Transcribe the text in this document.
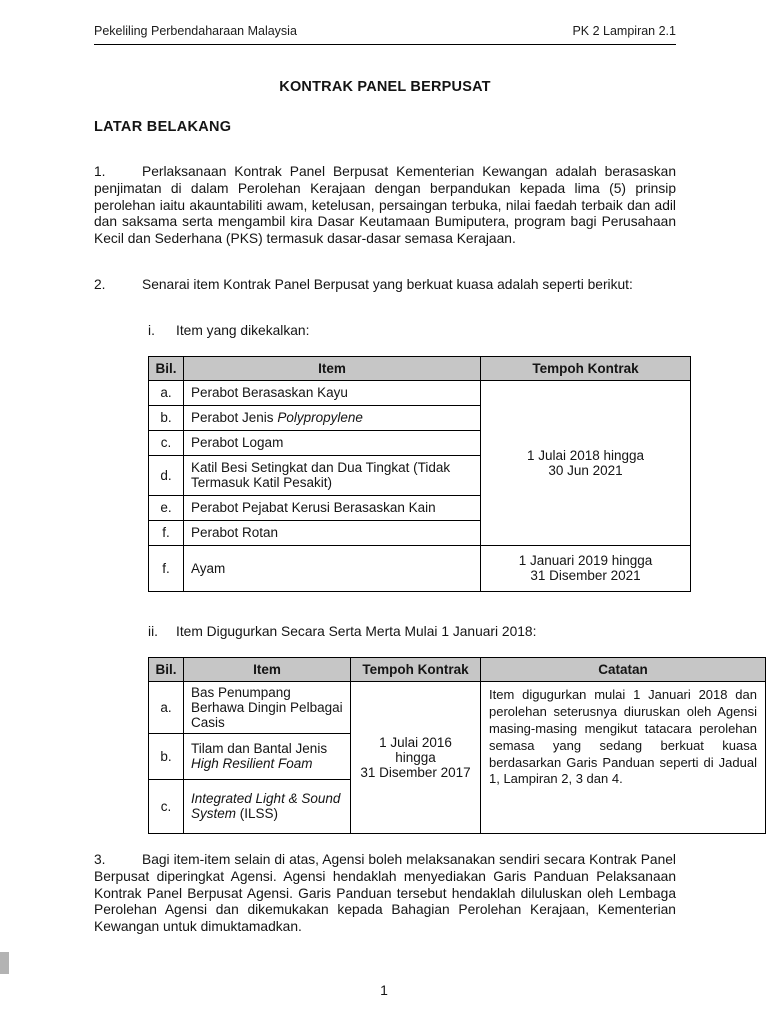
Pekeliling Perbendaharaan Malaysia	PK 2 Lampiran 2.1
KONTRAK PANEL BERPUSAT
LATAR BELAKANG

1.	Perlaksanaan Kontrak Panel Berpusat Kementerian Kewangan adalah berasaskan penjimatan di dalam Perolehan Kerajaan dengan berpandukan kepada lima (5) prinsip perolehan iaitu akauntabiliti awam, ketelusan, persaingan terbuka, nilai faedah terbaik dan adil dan saksama serta mengambil kira Dasar Keutamaan Bumiputera, program bagi Perusahaan Kecil dan Sederhana (PKS) termasuk dasar-dasar semasa Kerajaan.

2.	Senarai item Kontrak Panel Berpusat yang berkuat kuasa adalah seperti berikut:

i. Item yang dikekalkan:
Bil.	Item	Tempoh Kontrak
a.	Perabot Berasaskan Kayu	1 Julai 2018 hingga
30 Jun 2021
b.	Perabot Jenis Polypropylene	
c.	Perabot Logam	
d.	Katil Besi Setingkat dan Dua Tingkat (Tidak Termasuk Katil Pesakit)	
e.	Perabot Pejabat Kerusi Berasaskan Kain	
f.	Perabot Rotan	
f.	Ayam	1 Januari 2019 hingga
31 Disember 2021
ii. Item Digugurkan Secara Serta Merta Mulai 1 Januari 2018:
Bil.	Item	Tempoh Kontrak	Catatan
a.	Bas Penumpang Berhawa Dingin Pelbagai Casis	1 Julai 2016 hingga
31 Disember 2017	Item digugurkan mulai 1 Januari 2018 dan perolehan seterusnya diuruskan oleh Agensi masing-masing mengikut tatacara perolehan semasa yang sedang berkuat kuasa berdasarkan Garis Panduan seperti di Jadual 1, Lampiran 2, 3 dan 4.
b.	Tilam dan Bantal Jenis
High Resilient Foam		
c.	Integrated Light & Sound System (ILSS)		

3.	Bagi item-item selain di atas, Agensi boleh melaksanakan sendiri secara Kontrak Panel Berpusat diperingkat Agensi. Agensi hendaklah menyediakan Garis Panduan Pelaksanaan Kontrak Panel Berpusat Agensi. Garis Panduan tersebut hendaklah diluluskan oleh Lembaga Perolehan Agensi dan dikemukakan kepada Bahagian Perolehan Kerajaan, Kementerian Kewangan untuk dimuktamadkan.

1
